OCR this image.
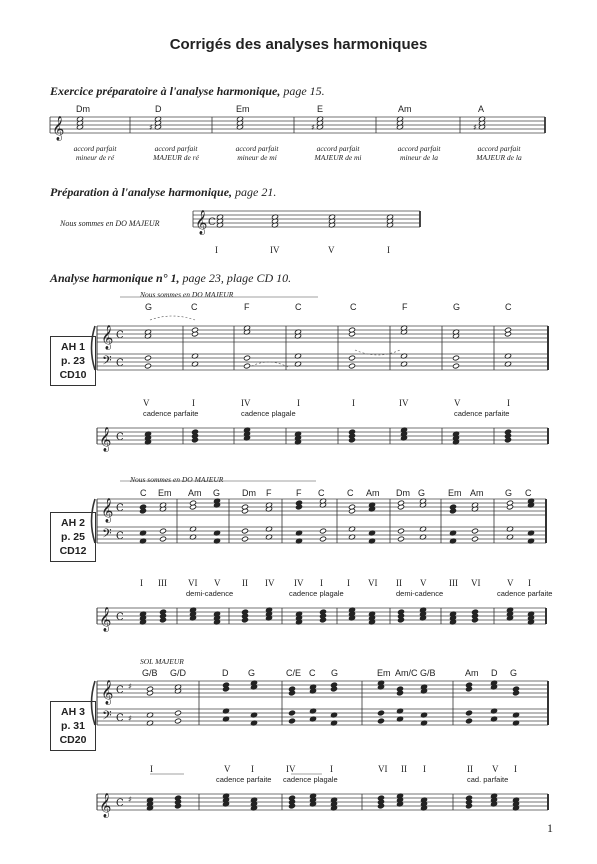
Corrigés des analyses harmoniques
Exercice préparatoire à l'analyse harmonique, page 15.
Préparation à l'analyse harmonique, page 21.
Analyse harmonique n° 1, page 23, plage CD 10.
Dm	D	Em	E	Am	A
accord parfait
mineur de ré
accord parfait
MAJEUR de ré
accord parfait
mineur de mi
accord parfait
MAJEUR de mi
accord parfait
mineur de la
accord parfait
MAJEUR de la
Nous sommes en DO MAJEUR
I	IV	V	I
Nous sommes en DO MAJEUR
AH 1
p. 23
CD10
G	C	F	C	C	F	G	C
V	I	IV	I	I	IV	V	I
cadence parfaite	cadence plagale	cadence parfaite
Nous sommes en DO MAJEUR
AH 2
p. 25
CD12
C Em Am G Dm F	F C	C Am Dm G	Em Am G C
I III VI V II IV IV I	I VI II V	III VI	V I
demi-cadence	cadence plagale	demi-cadence	cadence parfaite
SOL MAJEUR
AH 3
p. 31
CD20
G/B G/D	D G	C/E C G	Em Am/C G/B	Am D G
I	V I	IV	I	VI II I	II V I
cadence parfaite cadence plagale	cad. parfaite
1
𝄞	♯	♯	♯
𝄞 C
𝄞
𝄢
C
C
𝄞 C
𝄞
𝄢
C
C
𝄞 C
𝄞
𝄢
C
C
𝄞 C
♯
♯
♯
